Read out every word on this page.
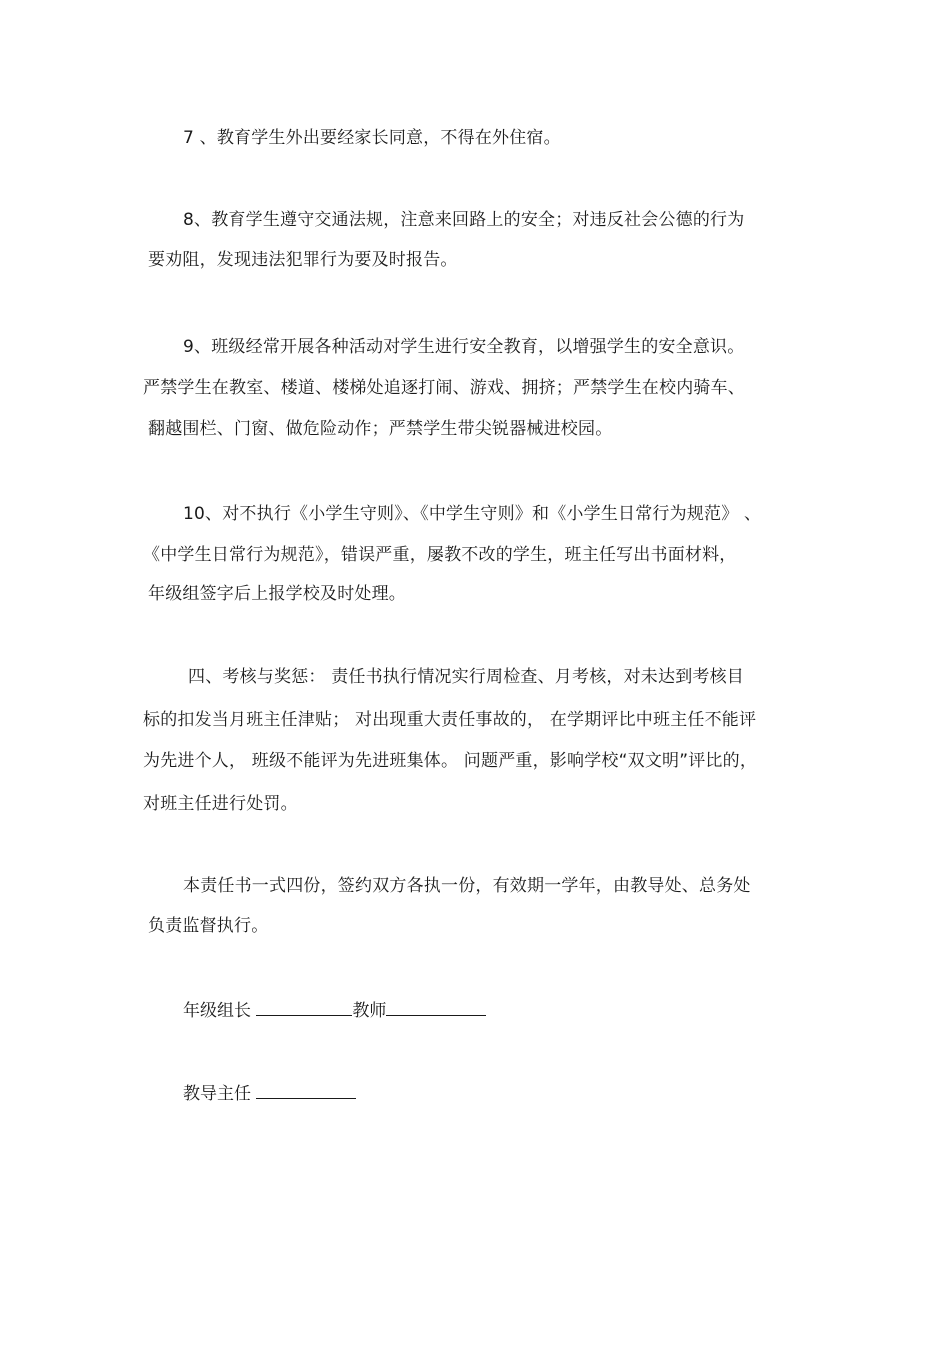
7 、教育学生外出要经家长同意，不得在外住宿。
8、教育学生遵守交通法规，注意来回路上的安全；对违反社会公德的行为
要劝阻，发现违法犯罪行为要及时报告。
9、班级经常开展各种活动对学生进行安全教育，以增强学生的安全意识。
严禁学生在教室、楼道、楼梯处追逐打闹、游戏、拥挤；严禁学生在校内骑车、
翻越围栏、门窗、做危险动作；严禁学生带尖锐器械进校园。
10、对不执行《小学生守则》、《中学生守则》和《小学生日常行为规范》 、
《中学生日常行为规范》，错误严重，屡教不改的学生，班主任写出书面材料，
年级组签字后上报学校及时处理。
四、考核与奖惩： 责任书执行情况实行周检查、月考核，对未达到考核目
标的扣发当月班主任津贴； 对出现重大责任事故的， 在学期评比中班主任不能评
为先进个人， 班级不能评为先进班集体。 问题严重，影响学校“双文明”评比的，
对班主任进行处罚。
本责任书一式四份，签约双方各执一份，有效期一学年，由教导处、总务处
负责监督执行。
年级组长	教师
教导主任
